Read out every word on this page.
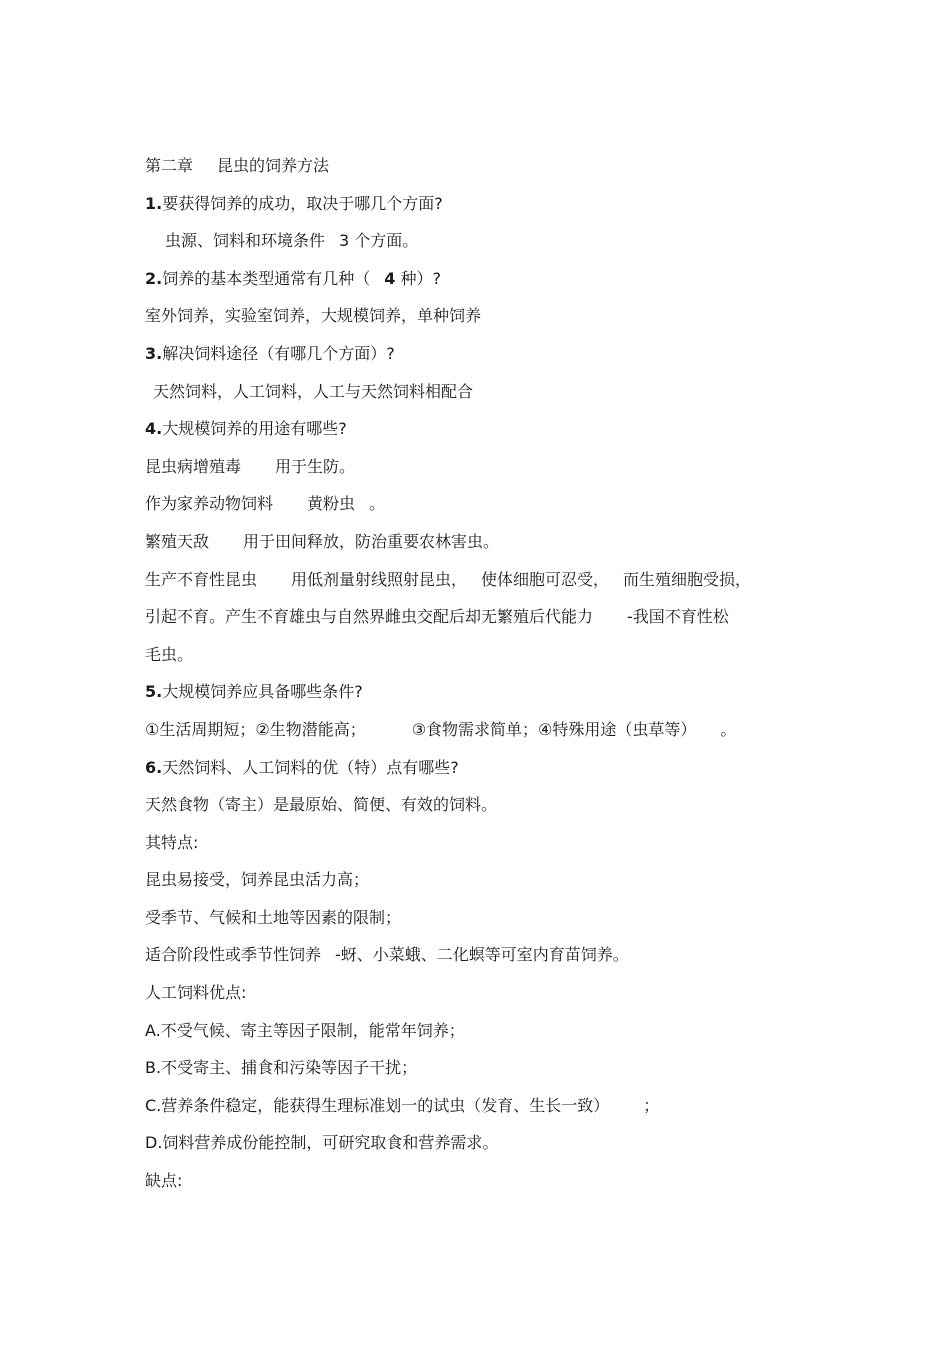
第二章 昆虫的饲养方法
1.要获得饲养的成功，取决于哪几个方面?
虫源、饲料和环境条件 3 个方面。
2.饲养的基本类型通常有几种（ 4 种）?
室外饲养，实验室饲养，大规模饲养，单种饲养
3.解决饲料途径（有哪几个方面）?
天然饲料，人工饲料，人工与天然饲料相配合
4.大规模饲养的用途有哪些?
昆虫病增殖毒 用于生防。
作为家养动物饲料 黄粉虫 。
繁殖天敌 用于田间释放，防治重要农林害虫。
生产不育性昆虫 用低剂量射线照射昆虫， 使体细胞可忍受， 而生殖细胞受损，
引起不育。产生不育雄虫与自然界雌虫交配后却无繁殖后代能力 -我国不育性松
毛虫。
5.大规模饲养应具备哪些条件?
①生活周期短；②生物潜能高；	③食物需求简单；④特殊用途（虫草等） 。
6.天然饲料、人工饲料的优（特）点有哪些?
天然食物（寄主）是最原始、简便、有效的饲料。
其特点:
昆虫易接受，饲养昆虫活力高；
受季节、气候和土地等因素的限制；
适合阶段性或季节性饲养 -蚜、小菜蛾、二化螟等可室内育苗饲养。
人工饲料优点:
A.不受气候、寄主等因子限制，能常年饲养；
B.不受寄主、捕食和污染等因子干扰；
C.营养条件稳定，能获得生理标准划一的试虫（发育、生长一致） ；
D.饲料营养成份能控制，可研究取食和营养需求。
缺点:
